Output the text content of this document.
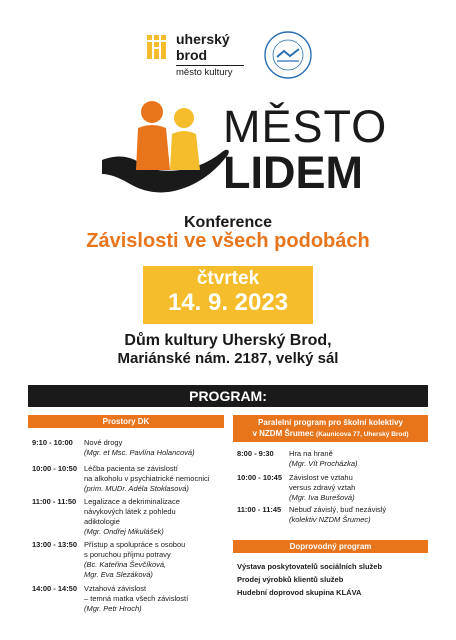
uherský
brod
město kultury
MĚSTO
LIDEM
Konference
Závislosti ve všech podobách
čtvrtek
14. 9. 2023
Dům kultury Uherský Brod,
Mariánské nám. 2187, velký sál
PROGRAM:
Prostory DK
9:10 - 10:00 Nové drogy
(Mgr. et Msc. Pavlína Holancová)
10:00 - 10:50 Léčba pacienta se závislostí
na alkoholu v psychiatrické nemocnici
(prim. MUDr. Adéla Stoklasová)
11:00 - 11:50 Legalizace a dekriminalizace
návykových látek z pohledu
adiktologie
(Mgr. Ondřej Mikulášek)
13:00 - 13:50 Přístup a spolupráce s osobou
s poruchou příjmu potravy
(Bc. Kateřina Ševčíková,
Mgr. Eva Slezáková)
14:00 - 14:50 Vztahová závislost
– temná matka všech závislostí
(Mgr. Petr Hroch)
Paralelní program pro školní kolektivy
v NZDM Šrumec (Kaunicova 77, Uherský Brod)
8:00 - 9:30 Hra na hraně
(Mgr. Vít Procházka)
10:00 - 10:45 Závislost ve vztahu
versus zdravý vztah
(Mgr. Iva Burešová)
11:00 - 11:45 Nebuď závislý, buď nezávislý
(kolektiv NZDM Šrumec)
Doprovodný program
Výstava poskytovatelů sociálních služeb
Prodej výrobků klientů služeb
Hudební doprovod skupina KLÁVA
